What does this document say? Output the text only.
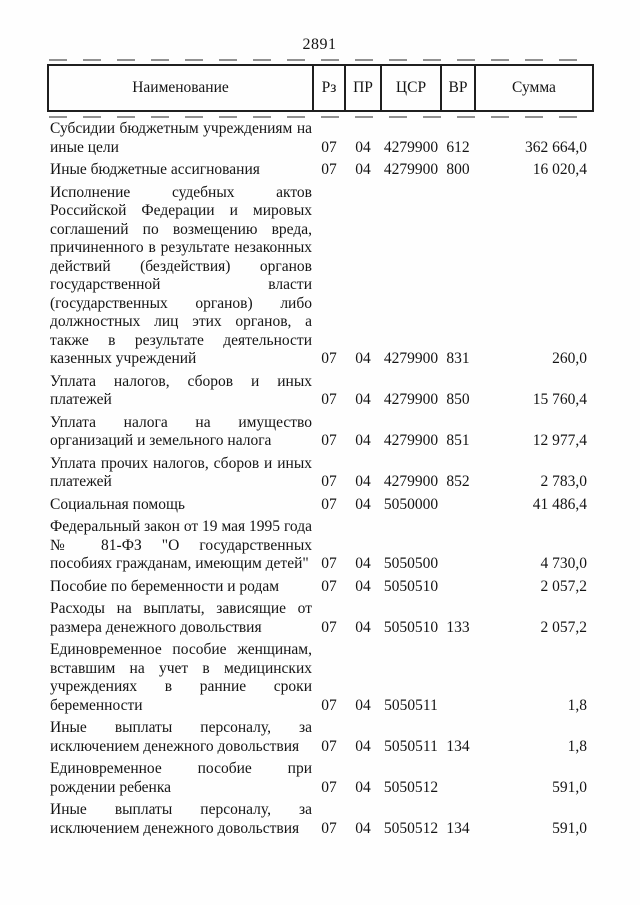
2891
Наименование	Рз	ПР	ЦСР	ВР	Сумма
Субсидии бюджетным учреждениям на иные цели	07	04	4279900	612	362 664,0
Иные бюджетные ассигнования	07	04	4279900	800	16 020,4
Исполнение судебных актов Российской Федерации и мировых соглашений по возмещению вреда, причиненного в результате незаконных действий (бездействия) органов государственной власти (государственных органов) либо должностных лиц этих органов, а также в результате деятельности казенных учреждений	07	04	4279900	831	260,0
Уплата налогов, сборов и иных платежей	07	04	4279900	850	15 760,4
Уплата налога на имущество организаций и земельного налога	07	04	4279900	851	12 977,4
Уплата прочих налогов, сборов и иных платежей	07	04	4279900	852	2 783,0
Социальная помощь	07	04	5050000		41 486,4
Федеральный закон от 19 мая 1995 года № 81-ФЗ "О государственных пособиях гражданам, имеющим детей"	07	04	5050500		4 730,0
Пособие по беременности и родам	07	04	5050510		2 057,2
Расходы на выплаты, зависящие от размера денежного довольствия	07	04	5050510	133	2 057,2
Единовременное пособие женщинам, вставшим на учет в медицинских учреждениях в ранние сроки беременности	07	04	5050511		1,8
Иные выплаты персоналу, за исключением денежного довольствия	07	04	5050511	134	1,8
Единовременное пособие при рождении ребенка	07	04	5050512		591,0
Иные выплаты персоналу, за исключением денежного довольствия	07	04	5050512	134	591,0
